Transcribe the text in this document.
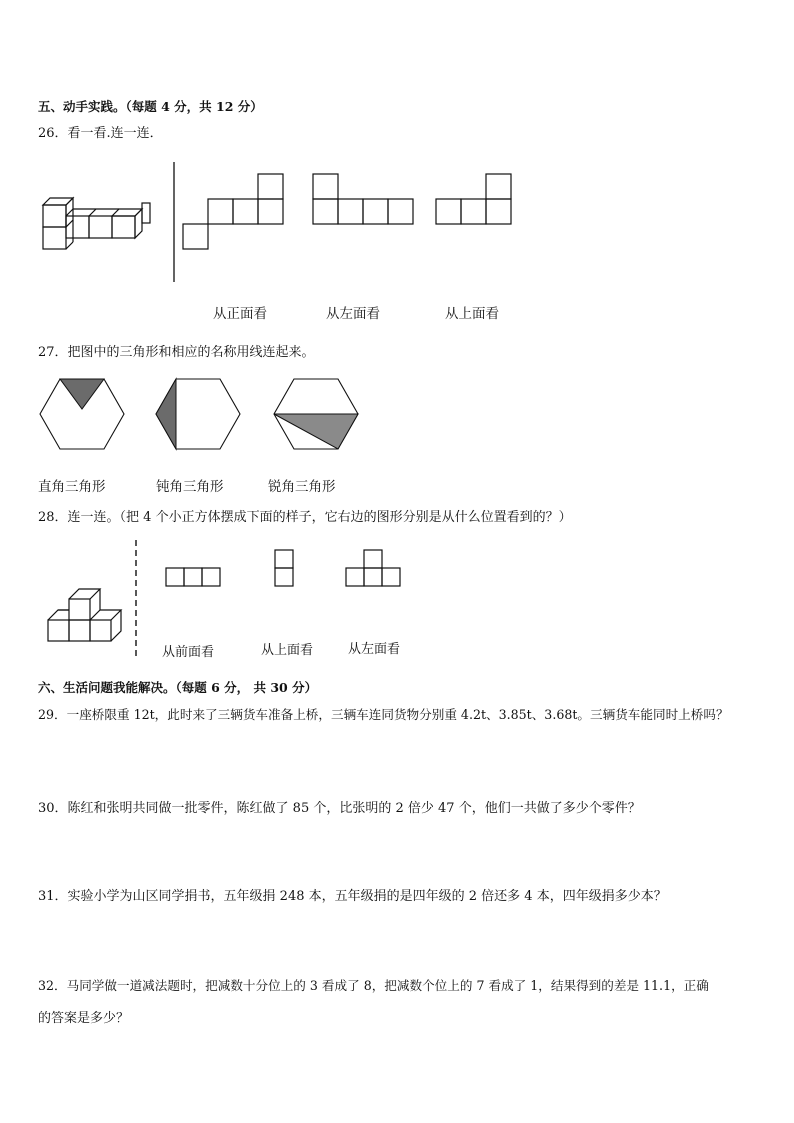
五、动手实践。（每题 4 分，共 12 分）
26．看一看.连一连．
从正面看	从左面看	从上面看
27．把图中的三角形和相应的名称用线连起来。
直角三角形	钝角三角形	锐角三角形
28．连一连。（把 4 个小正方体摆成下面的样子，它右边的图形分别是从什么位置看到的？）
从前面看	从上面看	从左面看
六、生活问题我能解决。（每题 6 分， 共 30 分）
29．一座桥限重 12t，此时来了三辆货车准备上桥，三辆车连同货物分别重 4.2t、3.85t、3.68t。三辆货车能同时上桥吗？
30．陈红和张明共同做一批零件，陈红做了 85 个，比张明的 2 倍少 47 个，他们一共做了多少个零件？
31．实验小学为山区同学捐书，五年级捐 248 本，五年级捐的是四年级的 2 倍还多 4 本，四年级捐多少本？
32．马同学做一道减法题时，把减数十分位上的 3 看成了 8，把减数个位上的 7 看成了 1，结果得到的差是 11.1，正确
的答案是多少？
